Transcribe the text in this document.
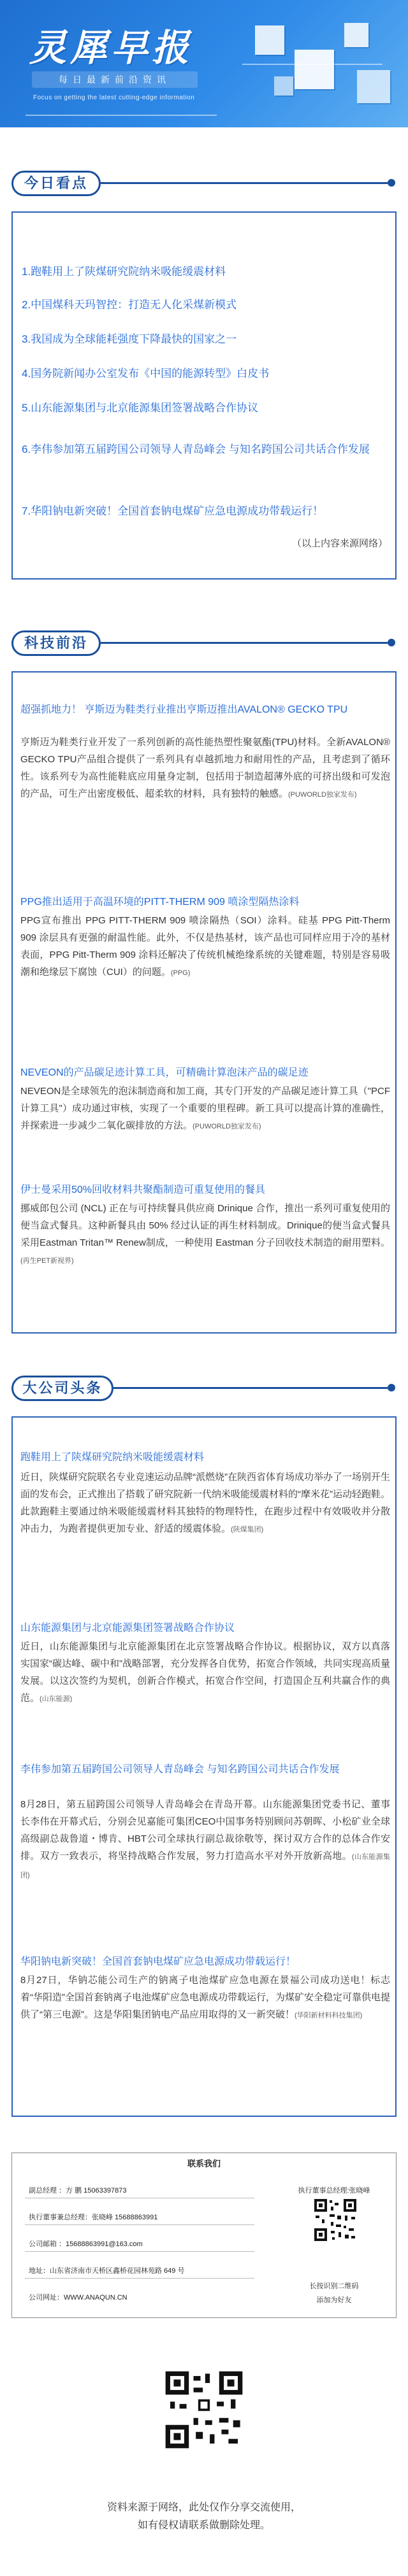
灵犀早报
每日最新前沿资讯
Focus on getting the latest cutting-edge information
今日看点
1.跑鞋用上了陕煤研究院纳米吸能缓震材料
2.中国煤科天玛智控：打造无人化采煤新模式
3.我国成为全球能耗强度下降最快的国家之一
4.国务院新闻办公室发布《中国的能源转型》白皮书
5.山东能源集团与北京能源集团签署战略合作协议
6.李伟参加第五届跨国公司领导人青岛峰会 与知名跨国公司共话合作发展
7.华阳钠电新突破！全国首套钠电煤矿应急电源成功带载运行！
（以上内容来源网络）
科技前沿
超强抓地力！ 亨斯迈为鞋类行业推出亨斯迈推出AVALON® GECKO TPU
亨斯迈为鞋类行业开发了一系列创新的高性能热塑性聚氨酯(TPU)材料。全新AVALON® GECKO TPU产品组合提供了一系列具有卓越抓地力和耐用性的产品，且考虑到了循环性。该系列专为高性能鞋底应用量身定制，包括用于制造超薄外底的可挤出级和可发泡的产品，可生产出密度极低、超柔软的材料，具有独特的触感。(PUWORLD独家发布)
PPG推出适用于高温环境的PITT-THERM 909 喷涂型隔热涂料
PPG宣布推出 PPG PITT-THERM 909 喷涂隔热（SOI）涂料。硅基 PPG Pitt-Therm 909 涂层具有更强的耐温性能。此外，不仅是热基材，该产品也可同样应用于冷的基材表面，PPG Pitt-Therm 909 涂料还解决了传统机械绝缘系统的关键难题，特别是容易吸潮和绝缘层下腐蚀（CUI）的问题。(PPG)
NEVEON的产品碳足迹计算工具，可精确计算泡沫产品的碳足迹
NEVEON是全球领先的泡沫制造商和加工商，其专门开发的产品碳足迹计算工具（"PCF计算工具"）成功通过审核，实现了一个重要的里程碑。新工具可以提高计算的准确性，并探索进一步减少二氧化碳排放的方法。(PUWORLD独家发布)
伊士曼采用50%回收材料共聚酯制造可重复使用的餐具
挪威郎包公司 (NCL) 正在与可持续餐具供应商 Drinique 合作，推出一系列可重复使用的便当盒式餐具。这种新餐具由 50% 经过认证的再生材料制成。Drinique的便当盒式餐具采用Eastman Tritan™ Renew制成，一种使用 Eastman 分子回收技术制造的耐用塑料。(再生PET新视界)
大公司头条
跑鞋用上了陕煤研究院纳米吸能缓震材料
近日，陕煤研究院联名专业竞速运动品牌“派燃烧”在陕西省体育场成功举办了一场别开生面的发布会，正式推出了搭载了研究院新一代纳米吸能缓震材料的“摩米花”运动轻跑鞋。此款跑鞋主要通过纳米吸能缓震材料其独特的物理特性，在跑步过程中有效吸收并分散冲击力，为跑者提供更加专业、舒适的缓震体验。(陕煤集团)
山东能源集团与北京能源集团签署战略合作协议
近日，山东能源集团与北京能源集团在北京签署战略合作协议。根据协议，双方以真落实国家“碳达峰、碳中和”战略部署，充分发挥各自优势，拓宽合作领域，共同实现高质量发展。以这次签约为契机，创新合作模式，拓宽合作空间，打造国企互利共赢合作的典范。(山东能源)
李伟参加第五届跨国公司领导人青岛峰会 与知名跨国公司共话合作发展
8月28日，第五届跨国公司领导人青岛峰会在青岛开幕。山东能源集团党委书记、董事长李伟在开幕式后，分别会见嘉能可集团CEO中国事务特别顾问苏朝晖、小松矿业全球高级副总裁鲁道・博肯、HBT公司全球执行副总裁徐敬等，探讨双方合作的总体合作安排。双方一致表示，将坚持战略合作发展，努力打造高水平对外开放新高地。(山东能源集团)
华阳钠电新突破！全国首套钠电煤矿应急电源成功带载运行！
8月27日，华钠芯能公司生产的钠离子电池煤矿应急电源在景福公司成功送电！标志着“华阳造”全国首套钠离子电池煤矿应急电源成功带载运行，为煤矿安全稳定可靠供电提供了“第三电源”。这是华阳集团钠电产品应用取得的又一新突破！(华阳新材料科技集团)
联系我们
副总经理 ：方 鹏 15063397873
执行董事兼总经理：张晓峰 15688863991
公司邮箱 ：15688863991@163.com
地址：山东省济南市天桥区鑫桥花园林苑路 649 号
公司网址：WWW.ANAQUN.CN
执行董事总经理:张晓峰
长按识别二维码
添加为好友
资料来源于网络，此处仅作分享交流使用，
如有侵权请联系做删除处理。
